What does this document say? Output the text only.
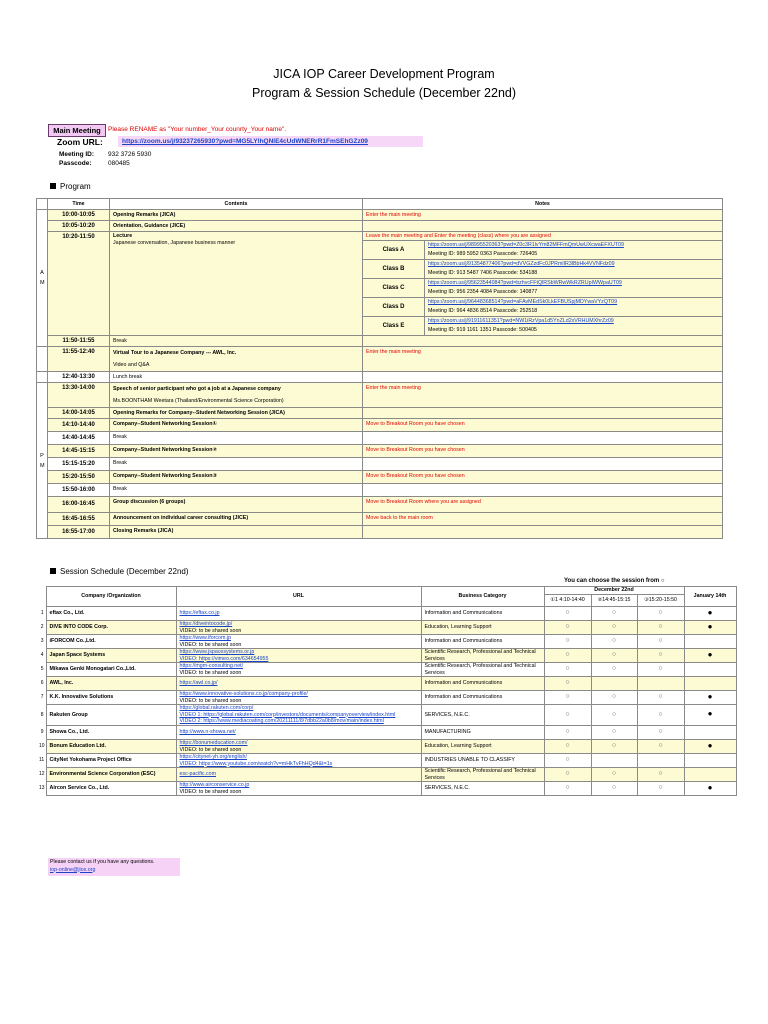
JICA IOP Career Development Program
Program & Session Schedule (December 22nd)
Main Meeting	Please RENAME as "Your number_Your counrty_Your name".
Zoom URL:	https://zoom.us/j/93237265930?pwd=MG5LYlhQNlE4cUdWNERrR1FmSEhGZz09
Meeting ID: 932 3726 5930
Passcode:	080485
Program
	Time	Contents	Notes	
A
M	10:00-10:05	Opening Remarks (JICA)	Enter the main meeting	
	10:05-10:20	Orientation, Guidance (JICE)		
	10:20-11:50	Lecture
Japanese conversation, Japanese business manner	Leave the main meeting and Enter the meeting (class) where you are assigned	
			Class A	https://zoom.us/j/98995520363?pwd=Z0c3R1lvYm82MFFmQmUwUXcwaEFXUT09
Meeting ID: 989 5952 0363 Passcode: 726405
			Class B	https://zoom.us/j/91354877406?pwd=dVVGZzdFc0JPRmlIR3lBbHk4VVNFdz09
Meeting ID: 913 5487 7406 Passcode: 534188
			Class C	https://zoom.us/j/95623544084?pwd=bzhvcFFtQlRSbWRwWkRZRUpIWWpaUT09
Meeting ID: 956 2354 4084 Passcode: 140877
			Class D	https://zoom.us/j/96448368514?pwd=aFAvMEdSk0LkEFBUSpjMDYwaVYzQT09
Meeting ID: 964 4836 8514 Passcode: 252518
			Class E	https://zoom.us/j/91911611351?pwd=NW1iRzVpa1d5YnZLd2xVRHUMXhrZz09
Meeting ID: 919 1161 1351 Passcode: 500405
	11:50-11:55	Break		
	11:55-12:40	Virtual Tour to a Japanese Company --- AWL, Inc.
Video and Q&A	Enter the main meeting	
	12:40-13:30	Lunch break		
P
M	13:30-14:00	Speech of senior participant who got a job at a Japanese company
Ms.BOONTHAM Weetara (Thailand/Environmental Science Corporation)	Enter the main meeting	
	14:00-14:05	Opening Remarks for Company--Student Networking Session (JICA)		
	14:10-14:40	Company--Student Networking Session①	Move to Breakout Room you have chosen	
	14:40-14:45	Break		
	14:45-15:15	Company--Student Networking Session②	Move to Breakout Room you have chosen	
	15:15-15:20	Break		
	15:20-15:50	Company--Student Networking Session③	Move to Breakout Room you have chosen	
	15:50-16:00	Break		
	16:00-16:45	Group discussion (6 groups)	Move to Breakout Room where you are assigned	
	16:45-16:55	Announcement on individual career consulting (JICE)	Move back to the main room	
	16:55-17:00	Closing Remarks (JICA)		
Session Schedule (December 22nd)
You can choose the session from ○
	Company /Organization	URL	Business Category	December 22nd			January 14th
				①1 4:10-14:40	②14:45-15:15	③15:20-15:50	
1	eftax Co., Ltd.	https://eftax.co.jp	Information and Communications	○	○	○	●
2	DIVE INTO CODE Corp.	https://diveintocode.jp/
VIDEO: to be shared soon	Education, Learning Support	○	○	○	●
3	iFORCOM Co.,Ltd.	https://www.iforcom.jp
VIDEO: to be shared soon	Information and Communications	○	○	○	
4	Japan Space Systems	https://www.jspacesystems.or.jp
VIDEO: https://vimeo.com/634654955	Scientific Research, Professional and Technical
Services	○	○	○	●
5	Mikawa Genki Monogatari Co.,Ltd.	https://mgm-consulting.net/
VIDEO: to be shared soon	Scientific Research, Professional and Technical
Services	○	○	○	
6	AWL, Inc.	https://awl.co.jp/	Information and Communications	○			
7	K.K. Innovative Solutions	https://www.innovative-solutions.co.jp/company-profile/
VIDEO: to be shared soon	Information and Communications	○	○	○	●
8	Rakuten Group	https://global.rakuten.com/corp/
VIDEO 1: https://global.rakuten.com/corp/investors/documents/companyoverview/index.html
VIDEO 2: https://www.mediacoating.com/20211111/8/7dbb22a0b8/mov/main/index.html	SERVICES, N.E.C.	○	○	○	●
9	Showa Co., Ltd.	http://www.n-showa.net/	MANUFACTURING	○	○	○	
10	Bonum Education Ltd.	https://bonumeducation.com/
VIDEO: to be shared soon	Education, Learning Support	○	○	○	●
11	CityNet Yokohama Project Office	https://citynet-yh.org/english/
VIDEO: https://www.youtube.com/watch?v=mHkTvFhHQd4&t=1s	INDUSTRIES UNABLE TO CLASSIFY	○			
12	Environmental Science Corporation (ESC)	esc-pacific.com	Scientific Research, Professional and Technical
Services	○	○	○	
13	Aircon Service Co., Ltd.	http://www.airconservice.co.jp
VIDEO: to be shared soon	SERVICES, N.E.C.	○	○	○	●
Please contact us if you have any questions.
iop-online@jice.org
